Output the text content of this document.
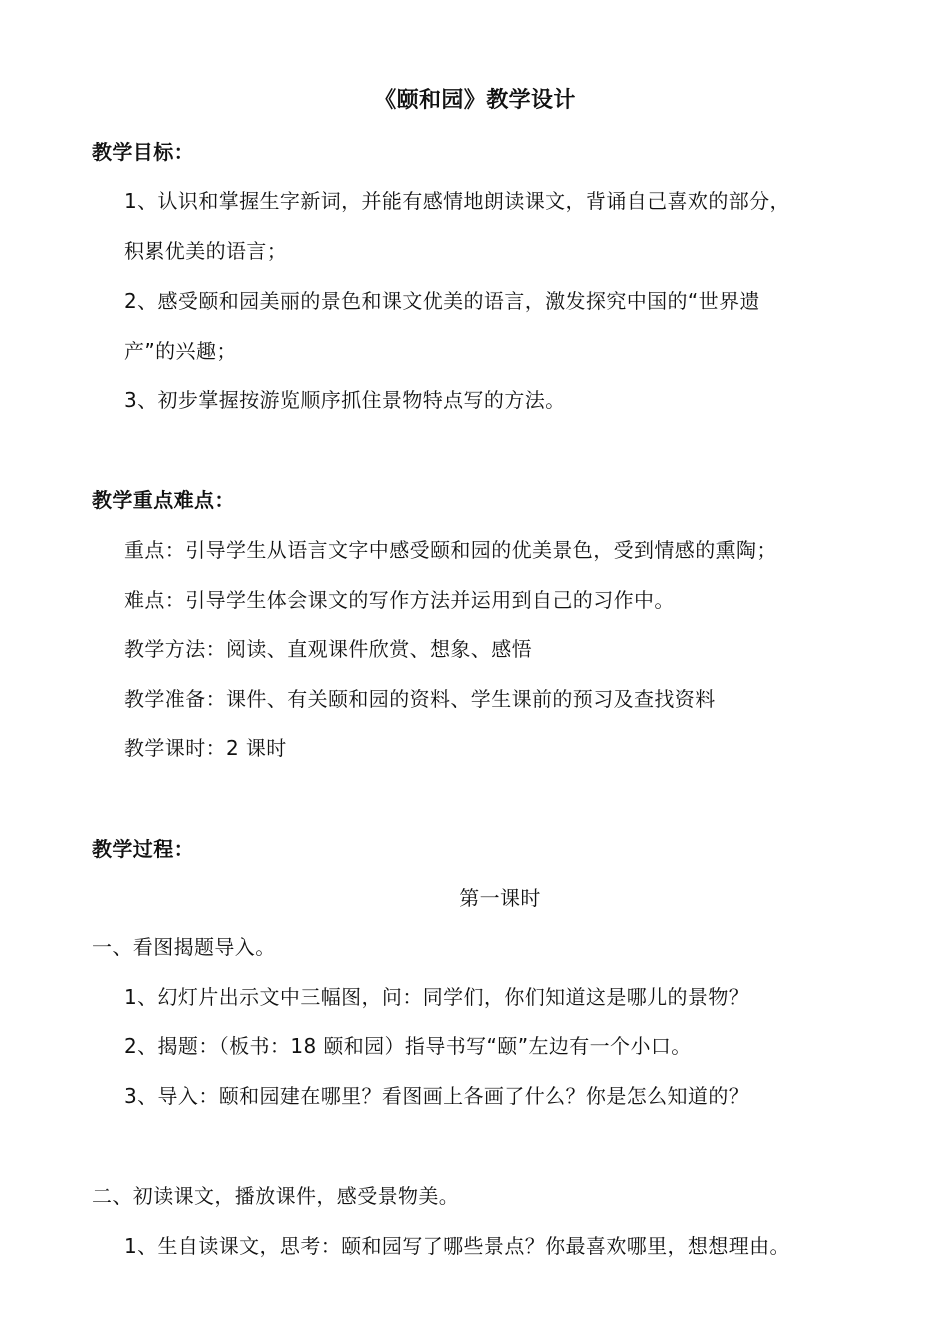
《颐和园》教学设计
教学目标：
1、认识和掌握生字新词，并能有感情地朗读课文，背诵自己喜欢的部分，
积累优美的语言；
2、感受颐和园美丽的景色和课文优美的语言，激发探究中国的“世界遗
产”的兴趣；
3、初步掌握按游览顺序抓住景物特点写的方法。
教学重点难点：
重点：引导学生从语言文字中感受颐和园的优美景色，受到情感的熏陶；
难点：引导学生体会课文的写作方法并运用到自己的习作中。
教学方法：阅读、直观课件欣赏、想象、感悟
教学准备：课件、有关颐和园的资料、学生课前的预习及查找资料
教学课时：2 课时
教学过程：
第一课时
一、看图揭题导入。
1、幻灯片出示文中三幅图，问：同学们，你们知道这是哪儿的景物？
2、揭题：（板书：18 颐和园）指导书写“颐”左边有一个小口。
3、导入：颐和园建在哪里？看图画上各画了什么？你是怎么知道的？
二、初读课文，播放课件，感受景物美。
1、生自读课文，思考：颐和园写了哪些景点？你最喜欢哪里，想想理由。
